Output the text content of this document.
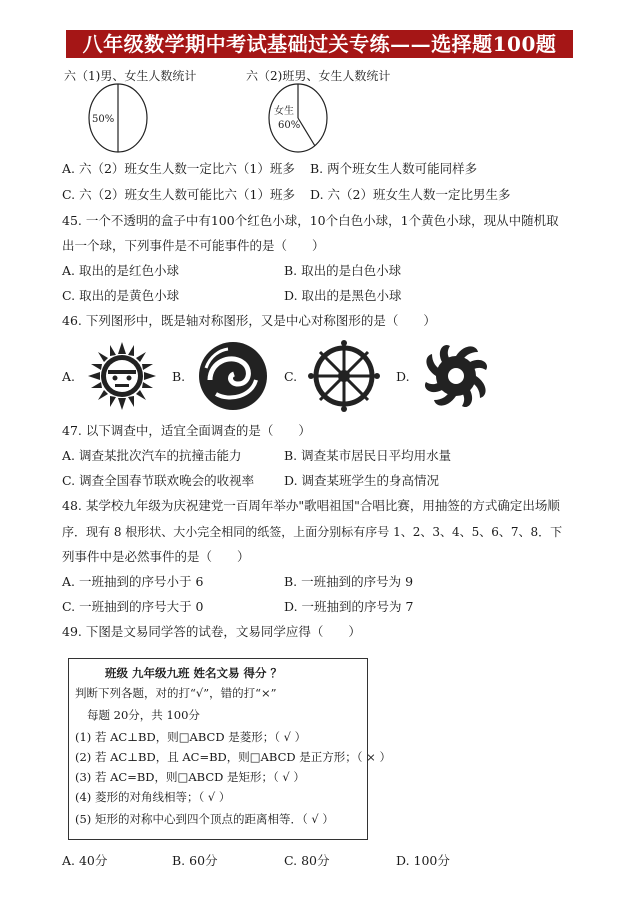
八年级数学期中考试基础过关专练——选择题100题
六（1)男、女生人数统计
50%
六（2)班男、女生人数统计
女生
60%
A. 六（2）班女生人数一定比六（1）班多 B. 两个班女生人数可能同样多
C. 六（2）班女生人数可能比六（1）班多 D. 六（2）班女生人数一定比男生多
45. 一个不透明的盒子中有100个红色小球，10个白色小球，1个黄色小球，现从中随机取
出一个球，下列事件是不可能事件的是（　　）
A. 取出的是红色小球	B. 取出的是白色小球
C. 取出的是黄色小球	D. 取出的是黑色小球
46. 下列图形中，既是轴对称图形，又是中心对称图形的是（　　）
A.	B.	C.	D.
47. 以下调查中，适宜全面调查的是（　　）
A. 调查某批次汽车的抗撞击能力	B. 调查某市居民日平均用水量
C. 调查全国春节联欢晚会的收视率 D. 调查某班学生的身高情况
48. 某学校九年级为庆祝建党一百周年举办"歌唱祖国"合唱比赛，用抽签的方式确定出场顺
序．现有 8 根形状、大小完全相同的纸签，上面分别标有序号 1、2、3、4、5、6、7、8．下
列事件中是必然事件的是（　　）
A. 一班抽到的序号小于 6	B. 一班抽到的序号为 9
C. 一班抽到的序号大于 0	D. 一班抽到的序号为 7
49. 下图是文易同学答的试卷，文易同学应得（　　）
班级 九年级九班 姓名文易 得分 ？
判断下列各题，对的打“√”，错的打“×”
每题 20分，共 100分
(1) 若 AC⊥BD，则□ABCD 是菱形；（ √ ）
(2) 若 AC⊥BD，且 AC=BD，则□ABCD 是正方形；（ × ）
(3) 若 AC=BD，则□ABCD 是矩形；（ √ ）
(4) 菱形的对角线相等；（ √ ）
(5) 矩形的对称中心到四个顶点的距离相等．（ √ ）
A. 40分	B. 60分	C. 80分	D. 100分
